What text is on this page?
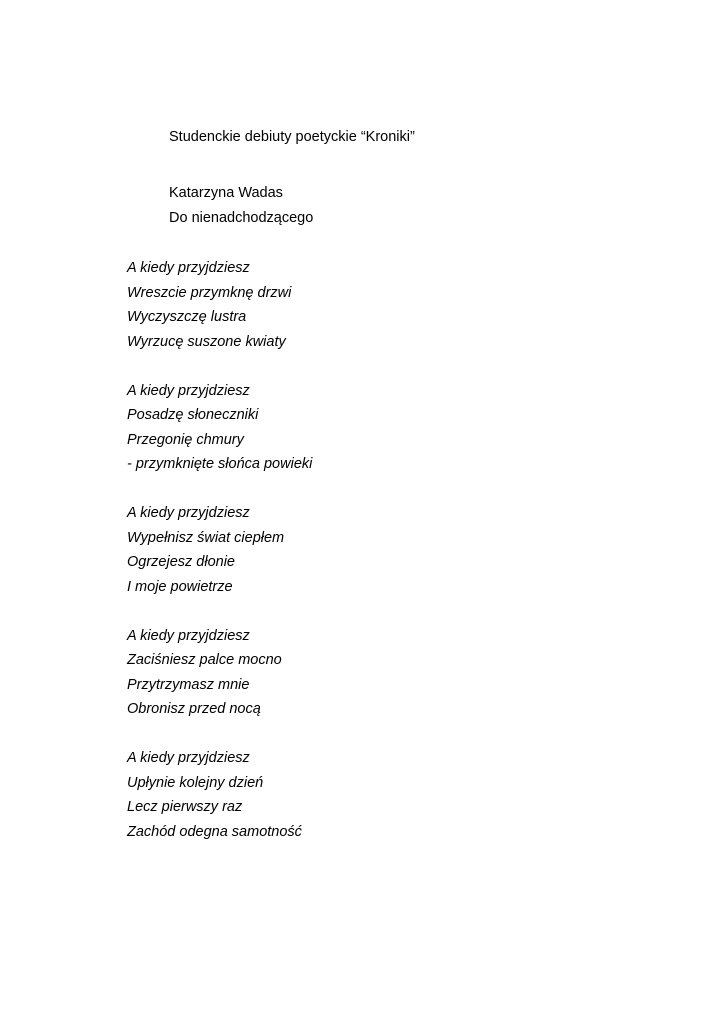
Studenckie debiuty poetyckie “Kroniki”
Katarzyna Wadas
Do nienadchodzącego
A kiedy przyjdziesz
Wreszcie przymknę drzwi
Wyczyszczę lustra
Wyrzucę suszone kwiaty
A kiedy przyjdziesz
Posadzę słoneczniki
Przegonię chmury
- przymknięte słońca powieki
A kiedy przyjdziesz
Wypełnisz świat ciepłem
Ogrzejesz dłonie
I moje powietrze
A kiedy przyjdziesz
Zaciśniesz palce mocno
Przytrzymasz mnie
Obronisz przed nocą
A kiedy przyjdziesz
Upłynie kolejny dzień
Lecz pierwszy raz
Zachód odegna samotność
